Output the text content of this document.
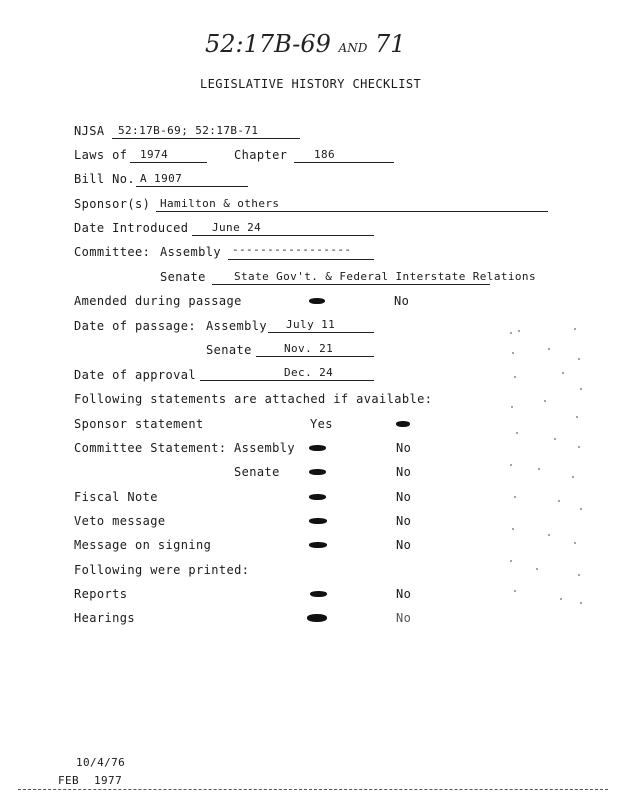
52:17B-69 AND 71
LEGISLATIVE HISTORY CHECKLIST
NJSA 52:17B-69; 52:17B-71
Laws of 1974	Chapter 186
Bill No. A 1907
Sponsor(s) Hamilton & others
Date Introduced June 24
Committee: Assembly -----------------
Senate	State Gov't. & Federal Interstate Relations
Amended during passage	No
Date of passage: Assembly July 11
Senate	Nov. 21
Date of approval	Dec. 24
Following statements are attached if available:
Sponsor statement	Yes
Committee Statement: Assembly	No
Senate	No
Fiscal Note	No
Veto message	No
Message on signing	No
Following were printed:
Reports	No
Hearings	No
10/4/76
FEB 1977
